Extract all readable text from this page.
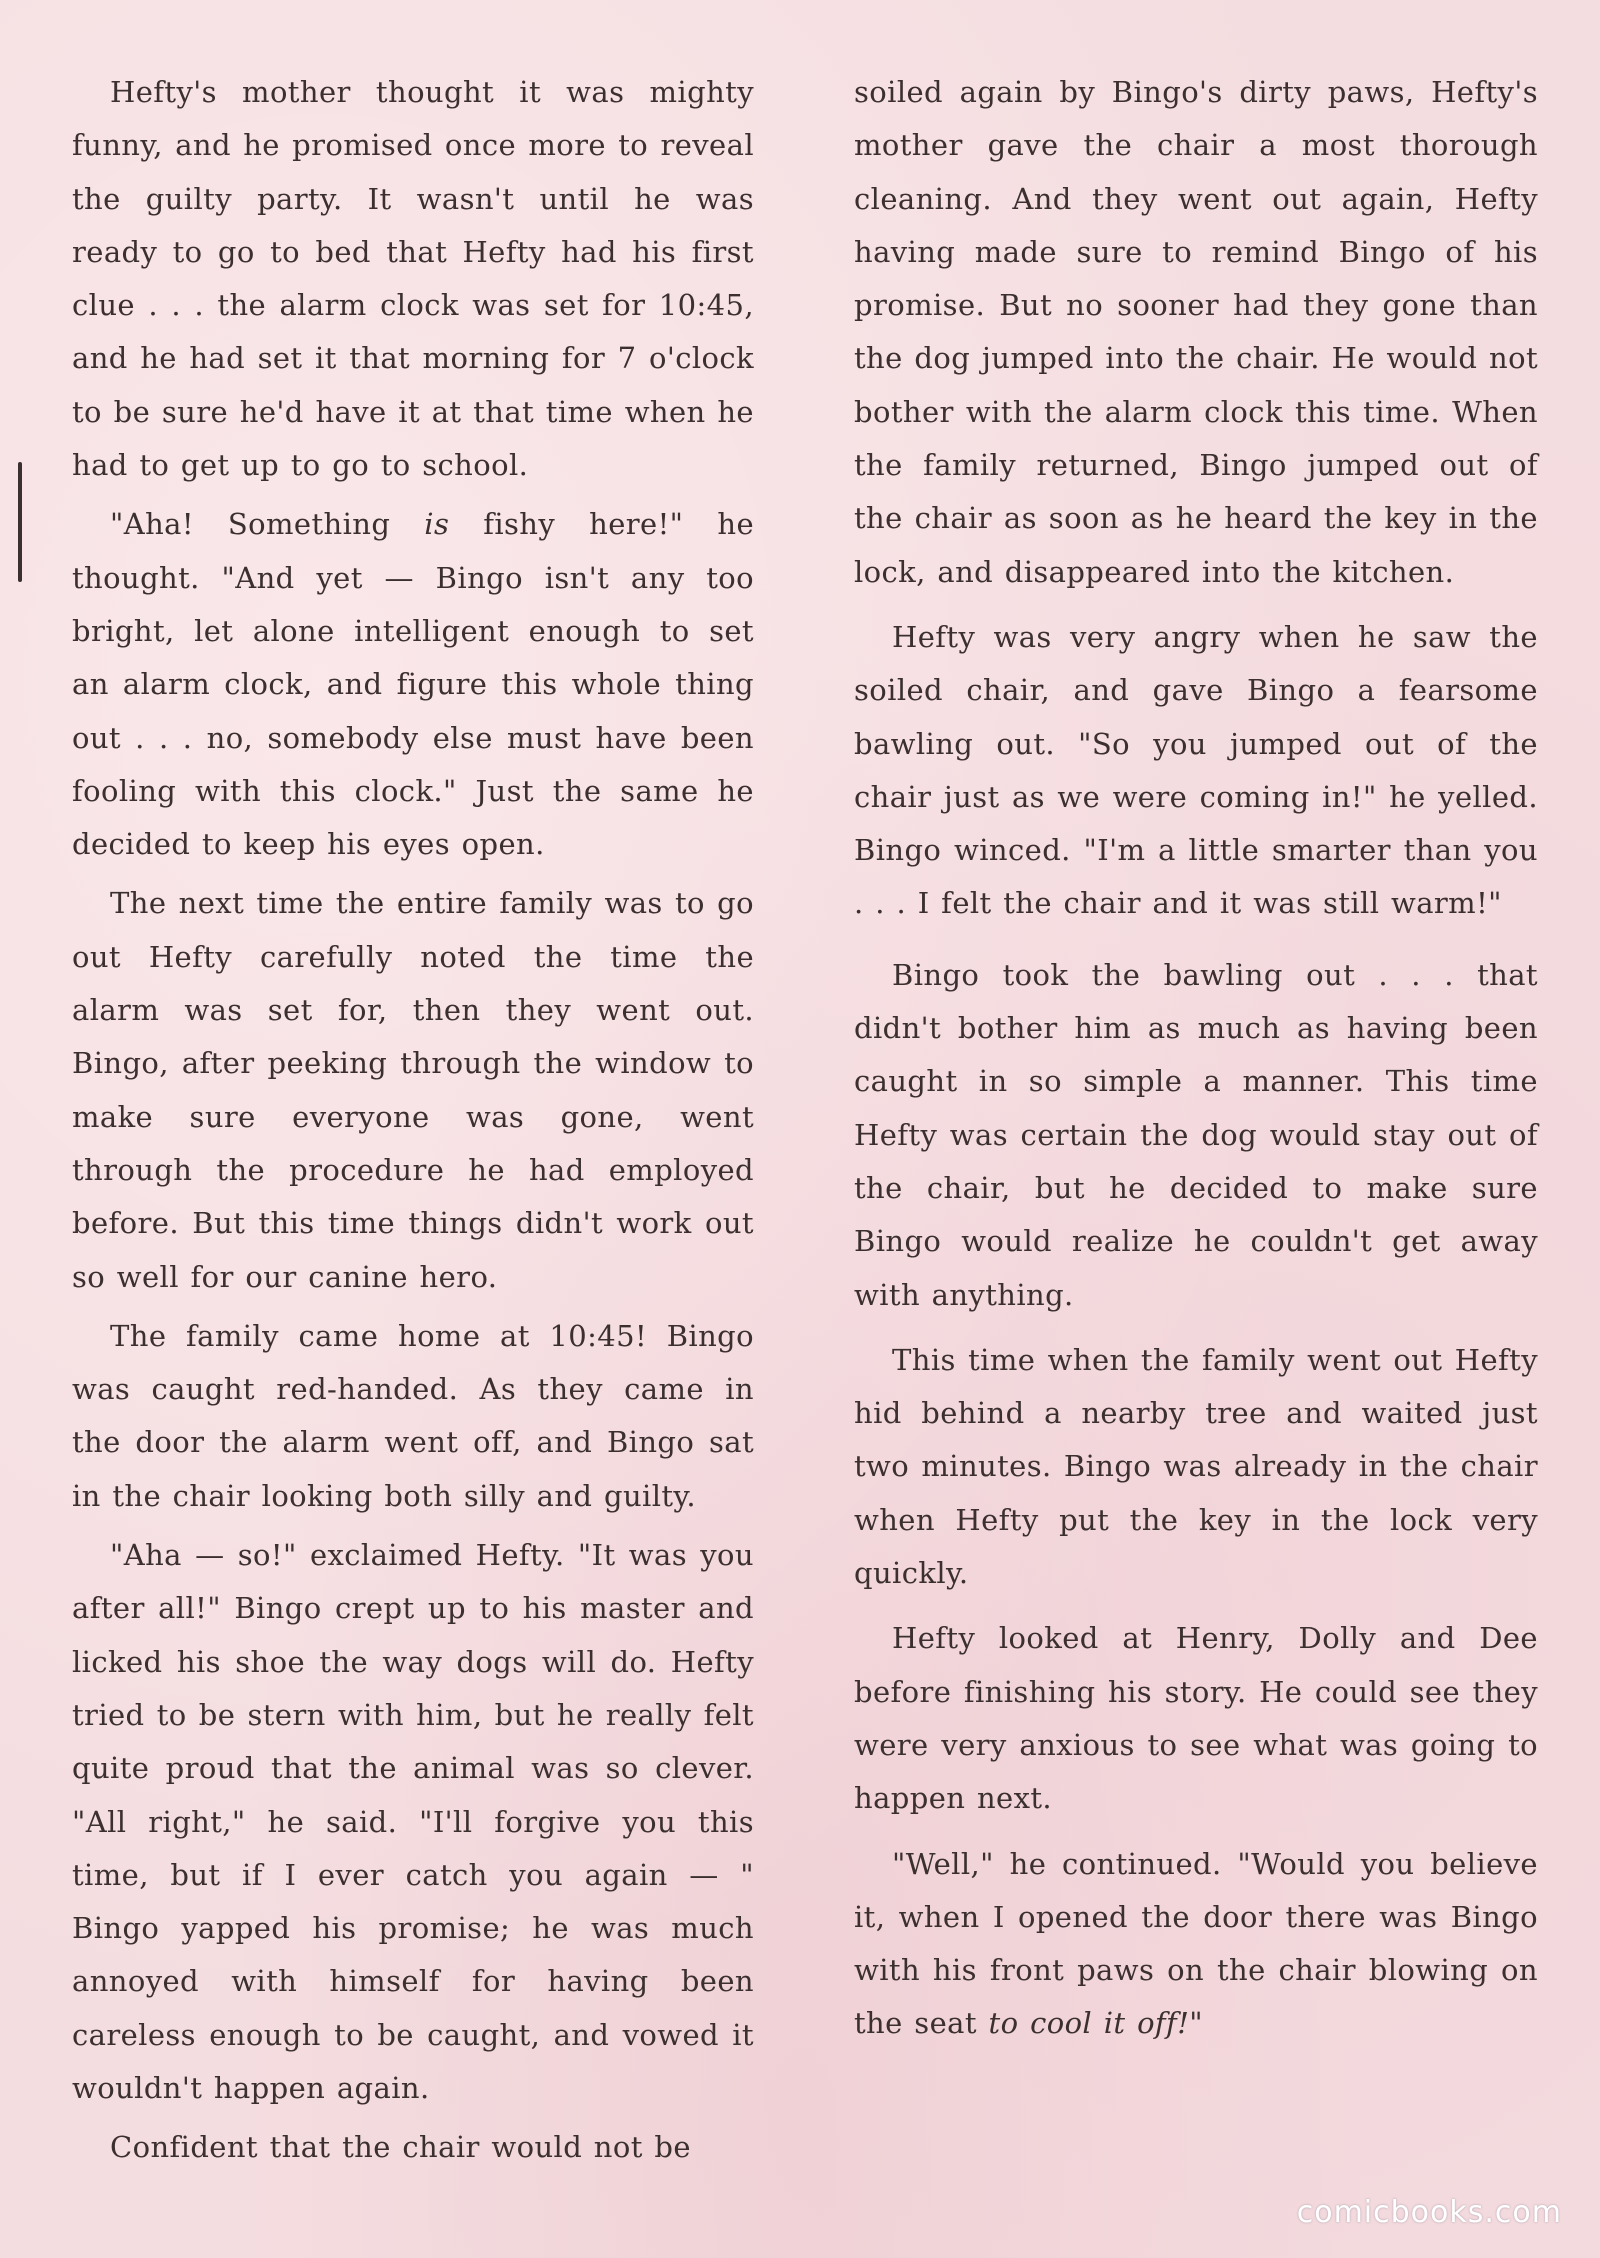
Hefty's mother thought it was mighty funny, and he promised once more to reveal the guilty party. It wasn't until he was ready to go to bed that Hefty had his first clue . . . the alarm clock was set for 10:45, and he had set it that morning for 7 o'clock to be sure he'd have it at that time when he had to get up to go to school.

"Aha! Something is fishy here!" he thought. "And yet — Bingo isn't any too bright, let alone intelligent enough to set an alarm clock, and figure this whole thing out . . . no, somebody else must have been fooling with this clock." Just the same he decided to keep his eyes open.

The next time the entire family was to go out Hefty carefully noted the time the alarm was set for, then they went out. Bingo, after peeking through the window to make sure everyone was gone, went through the procedure he had employed before. But this time things didn't work out so well for our canine hero.

The family came home at 10:45! Bingo was caught red-handed. As they came in the door the alarm went off, and Bingo sat in the chair looking both silly and guilty.

"Aha — so!" exclaimed Hefty. "It was you after all!" Bingo crept up to his master and licked his shoe the way dogs will do. Hefty tried to be stern with him, but he really felt quite proud that the animal was so clever. "All right," he said. "I'll forgive you this time, but if I ever catch you again — " Bingo yapped his promise; he was much annoyed with himself for having been careless enough to be caught, and vowed it wouldn't happen again.

Confident that the chair would not be

soiled again by Bingo's dirty paws, Hefty's mother gave the chair a most thorough cleaning. And they went out again, Hefty having made sure to remind Bingo of his promise. But no sooner had they gone than the dog jumped into the chair. He would not bother with the alarm clock this time. When the family returned, Bingo jumped out of the chair as soon as he heard the key in the lock, and disappeared into the kitchen.

Hefty was very angry when he saw the soiled chair, and gave Bingo a fearsome bawling out. "So you jumped out of the chair just as we were coming in!" he yelled. Bingo winced. "I'm a little smarter than you . . . I felt the chair and it was still warm!"

Bingo took the bawling out . . . that didn't bother him as much as having been caught in so simple a manner. This time Hefty was certain the dog would stay out of the chair, but he decided to make sure Bingo would realize he couldn't get away with anything.

This time when the family went out Hefty hid behind a nearby tree and waited just two minutes. Bingo was already in the chair when Hefty put the key in the lock very quickly.

Hefty looked at Henry, Dolly and Dee before finishing his story. He could see they were very anxious to see what was going to happen next.

"Well," he continued. "Would you believe it, when I opened the door there was Bingo with his front paws on the chair blowing on the seat to cool it off!"

comicbooks.com
